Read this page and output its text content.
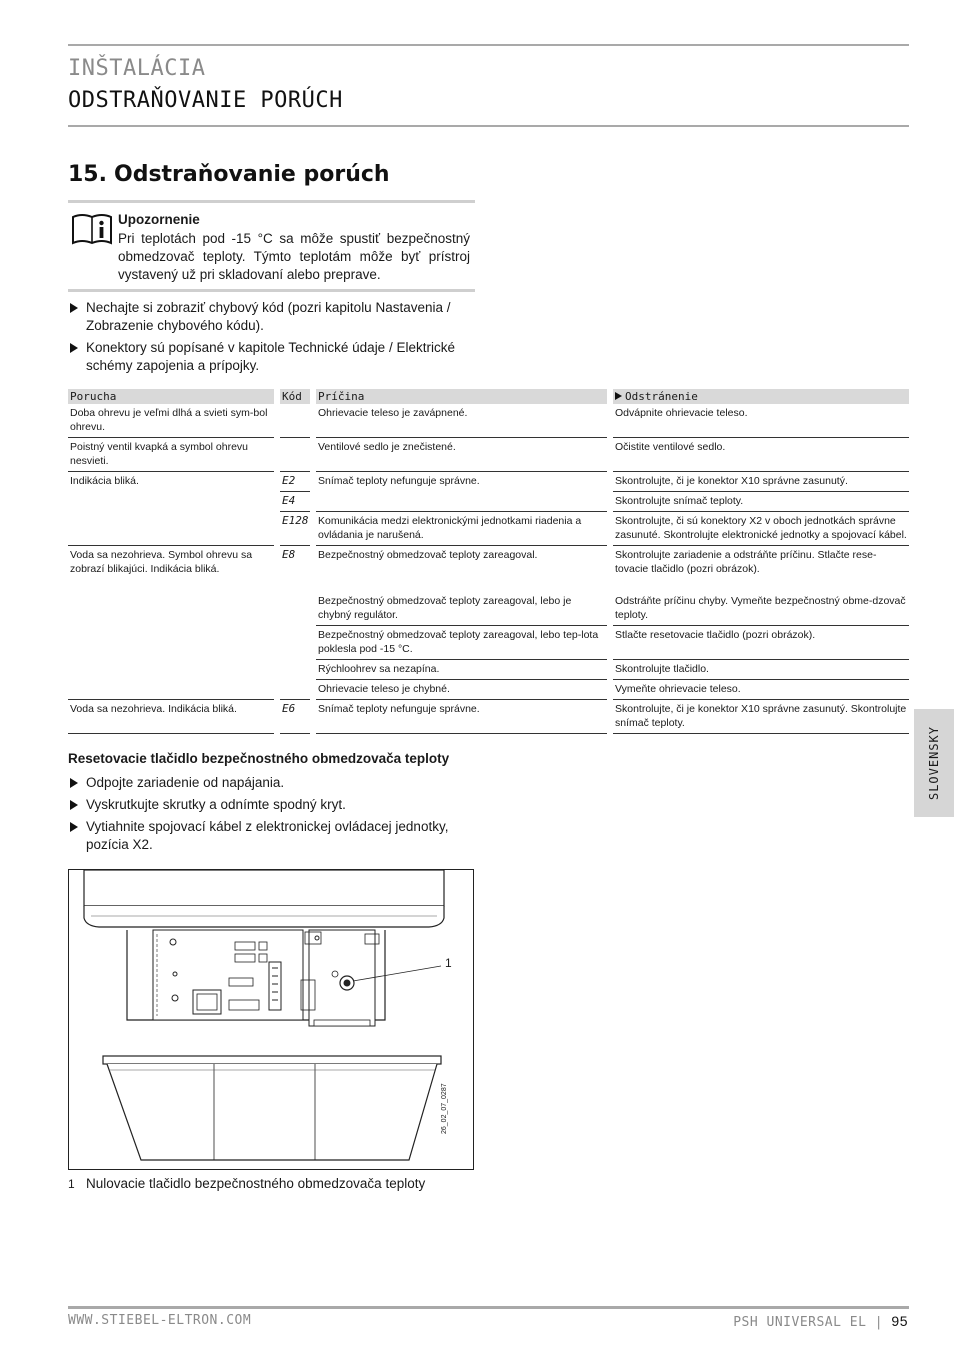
INŠTALÁCIA
ODSTRAŇOVANIE PORÚCH
15. Odstraňovanie porúch
Upozornenie
Pri teplotách pod -15 °C sa môže spustiť bezpečnostný obmedzovač teploty. Týmto teplotám môže byť prístroj vystavený už pri skladovaní alebo preprave.
Nechajte si zobraziť chybový kód (pozri kapitolu Nastavenia / Zobrazenie chybového kódu).
Konektory sú popísané v kapitole Technické údaje / Elektrické schémy zapojenia a prípojky.
Porucha		Kód		Príčina		Odstránenie
Doba ohrevu je veľmi dlhá a svieti sym-bol ohrevu.				Ohrievacie teleso je zavápnené.		Odvápnite ohrievacie teleso.
Poistný ventil kvapká a symbol ohrevu nesvieti.				Ventilové sedlo je znečistené.		Očistite ventilové sedlo.
Indikácia bliká.		E2		Snímač teploty nefunguje správne.		Skontrolujte, či je konektor X10 správne zasunutý.
		E4				Skontrolujte snímač teploty.
		E128		Komunikácia medzi elektronickými jednotkami riadenia a ovládania je narušená.		Skontrolujte, či sú konektory X2 v oboch jednotkách správne zasunuté. Skontrolujte elektronické jednotky a spojovací kábel.
Voda sa nezohrieva. Symbol ohrevu sa zobrazí blikajúci. Indikácia bliká.		E8		Bezpečnostný obmedzovač teploty zareagoval.		Skontrolujte zariadenie a odstráňte príčinu. Stlačte rese-tovacie tlačidlo (pozri obrázok).
				Bezpečnostný obmedzovač teploty zareagoval, lebo je chybný regulátor.		Odstráňte príčinu chyby. Vymeňte bezpečnostný obme-dzovač teploty.
				Bezpečnostný obmedzovač teploty zareagoval, lebo tep-lota poklesla pod -15 °C.		Stlačte resetovacie tlačidlo (pozri obrázok).
				Rýchloohrev sa nezapína.		Skontrolujte tlačidlo.
				Ohrievacie teleso je chybné.		Vymeňte ohrievacie teleso.
Voda sa nezohrieva. Indikácia bliká.		E6		Snímač teploty nefunguje správne.		Skontrolujte, či je konektor X10 správne zasunutý. Skontrolujte snímač teploty.
Resetovacie tlačidlo bezpečnostného obmedzovača teploty
Odpojte zariadenie od napájania.
Vyskrutkujte skrutky a odnímte spodný kryt.
Vytiahnite spojovací kábel z elektronickej ovládacej jednotky, pozícia X2.
1
26_02_07_0287
1 Nulovacie tlačidlo bezpečnostného obmedzovača teploty
SLOVENSKY
WWW.STIEBEL-ELTRON.COM	PSH UNIVERSAL EL | 95
